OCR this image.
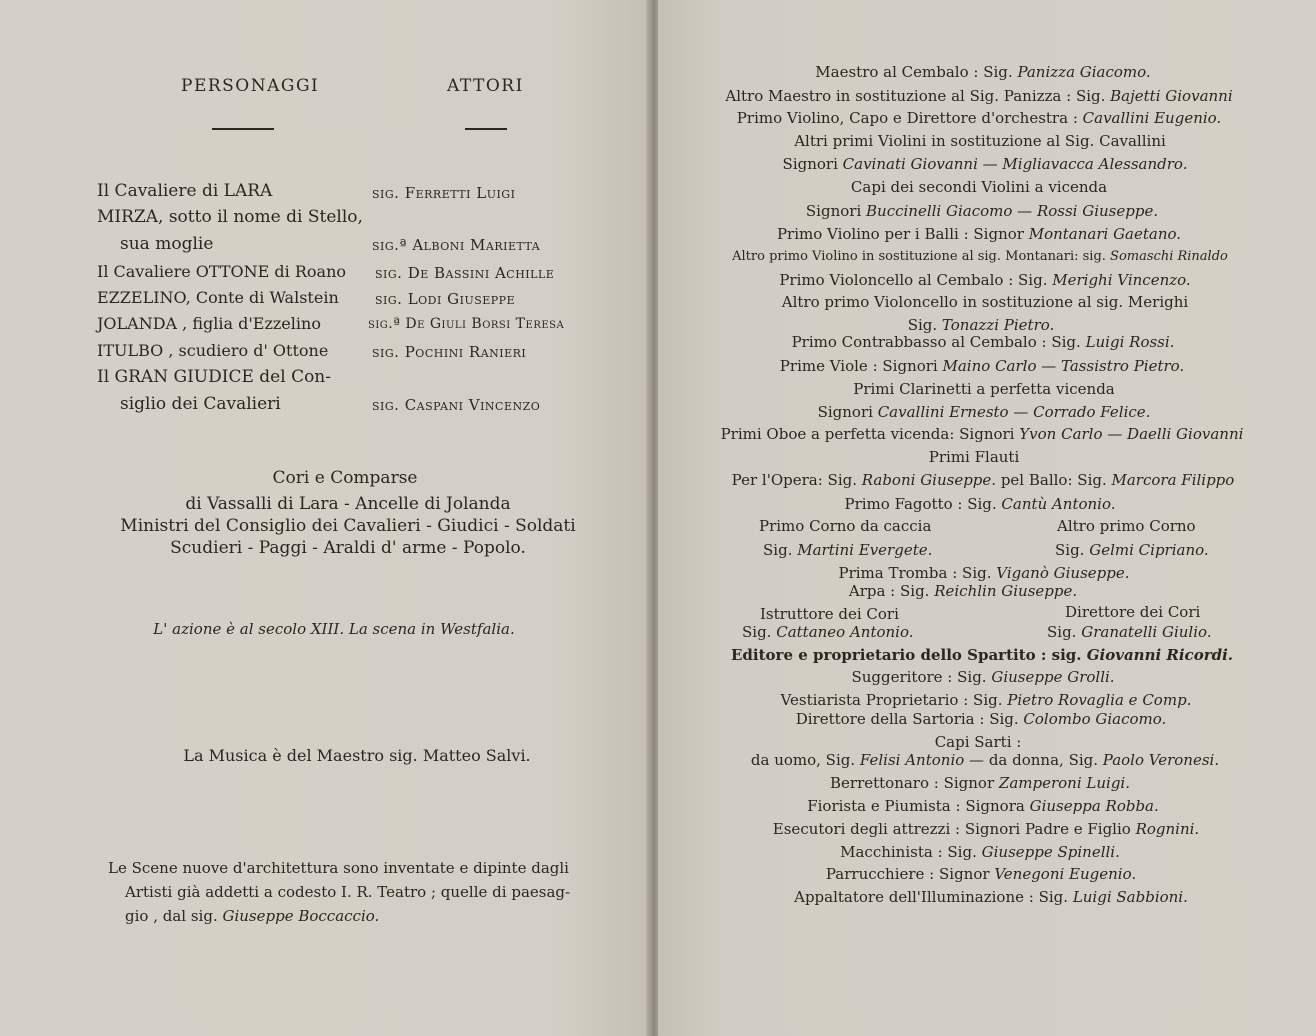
PERSONAGGI	ATTORI
Il Cavaliere di LARA	sig. Ferretti Luigi
MIRZA, sotto il nome di Stello,
sua moglie	sig.ª Alboni Marietta
Il Cavaliere OTTONE di Roano sig. De Bassini Achille
EZZELINO, Conte di Walstein sig. Lodi Giuseppe
JOLANDA , figlia d'Ezzelino	sig.ª De Giuli Borsi Teresa
ITULBO , scudiero d' Ottone	sig. Pochini Ranieri
Il GRAN GIUDICE del Con-
siglio dei Cavalieri	sig. Caspani Vincenzo
Cori e Comparse
di Vassalli di Lara - Ancelle di Jolanda
Ministri del Consiglio dei Cavalieri - Giudici - Soldati
Scudieri - Paggi - Araldi d' arme - Popolo.
L' azione è al secolo XIII. La scena in Westfalia.
La Musica è del Maestro sig. Matteo Salvi.
Le Scene nuove d'architettura sono inventate e dipinte dagli
Artisti già addetti a codesto I. R. Teatro ; quelle di paesag-
gio , dal sig. Giuseppe Boccaccio.
Maestro al Cembalo : Sig. Panizza Giacomo.
Altro Maestro in sostituzione al Sig. Panizza : Sig. Bajetti Giovanni
Primo Violino, Capo e Direttore d'orchestra : Cavallini Eugenio.
Altri primi Violini in sostituzione al Sig. Cavallini
Signori Cavinati Giovanni — Migliavacca Alessandro.
Capi dei secondi Violini a vicenda
Signori Buccinelli Giacomo — Rossi Giuseppe.
Primo Violino per i Balli : Signor Montanari Gaetano.
Altro primo Violino in sostituzione al sig. Montanari: sig. Somaschi Rinaldo
Primo Violoncello al Cembalo : Sig. Merighi Vincenzo.
Altro primo Violoncello in sostituzione al sig. Merighi
Sig. Tonazzi Pietro.
Primo Contrabbasso al Cembalo : Sig. Luigi Rossi.
Prime Viole : Signori Maino Carlo — Tassistro Pietro.
Primi Clarinetti a perfetta vicenda
Signori Cavallini Ernesto — Corrado Felice.
Primi Oboe a perfetta vicenda: Signori Yvon Carlo — Daelli Giovanni
Primi Flauti
Per l'Opera: Sig. Raboni Giuseppe. pel Ballo: Sig. Marcora Filippo
Primo Fagotto : Sig. Cantù Antonio.
Primo Corno da caccia	Altro primo Corno
Sig. Martini Evergete.	Sig. Gelmi Cipriano.
Prima Tromba : Sig. Viganò Giuseppe.
Arpa : Sig. Reichlin Giuseppe.
Istruttore dei Cori	Direttore dei Cori
Sig. Cattaneo Antonio.	Sig. Granatelli Giulio.
Editore e proprietario dello Spartito : sig. Giovanni Ricordi.
Suggeritore : Sig. Giuseppe Grolli.
Vestiarista Proprietario : Sig. Pietro Rovaglia e Comp.
Direttore della Sartoria : Sig. Colombo Giacomo.
Capi Sarti :
da uomo, Sig. Felisi Antonio — da donna, Sig. Paolo Veronesi.
Berrettonaro : Signor Zamperoni Luigi.
Fiorista e Piumista : Signora Giuseppa Robba.
Esecutori degli attrezzi : Signori Padre e Figlio Rognini.
Macchinista : Sig. Giuseppe Spinelli.
Parrucchiere : Signor Venegoni Eugenio.
Appaltatore dell'Illuminazione : Sig. Luigi Sabbioni.
